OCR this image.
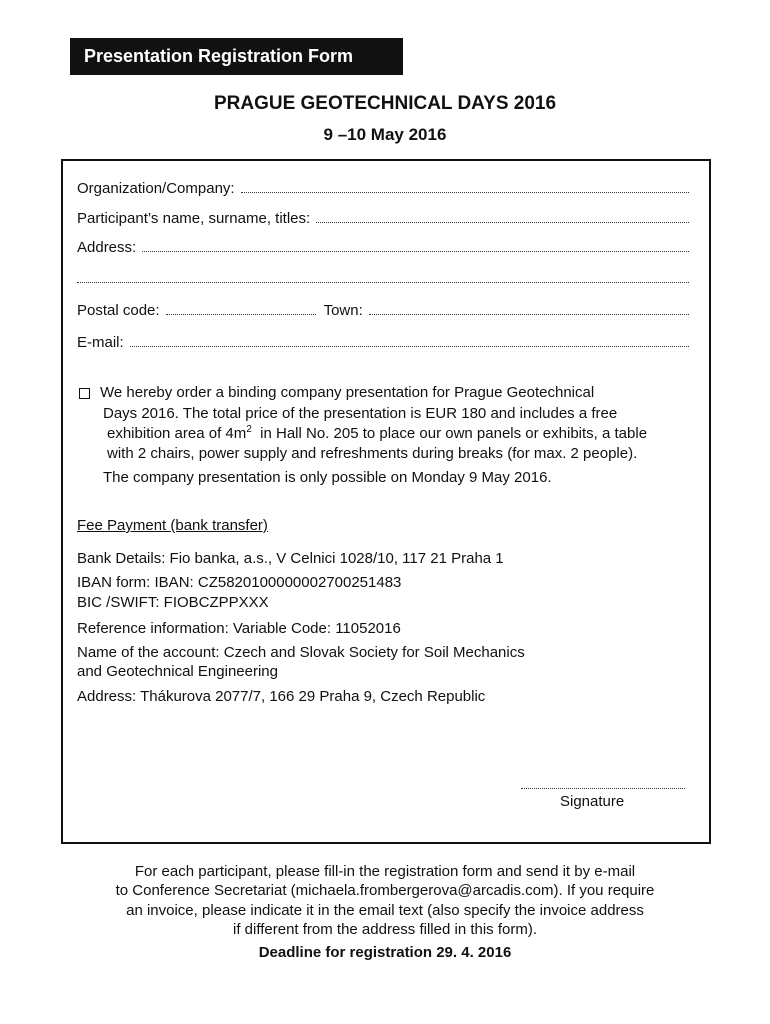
Presentation Registration Form
PRAGUE GEOTECHNICAL DAYS 2016
9 –10 May 2016
Organization/Company:
Participant’s name, surname, titles:
Address:
Postal code:	Town:
E-mail:
We hereby order a binding company presentation for Prague Geotechnical
Days 2016. The total price of the presentation is EUR 180 and includes a free
exhibition area of $4m^2$  in Hall No. 205 to place our own panels or exhibits, a table
with 2 chairs, power supply and refreshments during breaks (for max. 2 people).
The company presentation is only possible on Monday 9 May 2016.
Fee Payment (bank transfer)
Bank Details: Fio banka, a.s., V Celnici 1028/10, 117 21 Praha 1
IBAN form: IBAN: CZ5820100000002700251483
BIC /SWIFT: FIOBCZPPXXX
Reference information: Variable Code: 11052016
Name of the account: Czech and Slovak Society for Soil Mechanics
and Geotechnical Engineering
Address: Thákurova 2077/7, 166 29 Praha 9, Czech Republic
Signature
For each participant, please fill-in the registration form and send it by e-mail
to Conference Secretariat (michaela.frombergerova@arcadis.com). If you require
an invoice, please indicate it in the email text (also specify the invoice address
if different from the address filled in this form).
Deadline for registration 29. 4. 2016
